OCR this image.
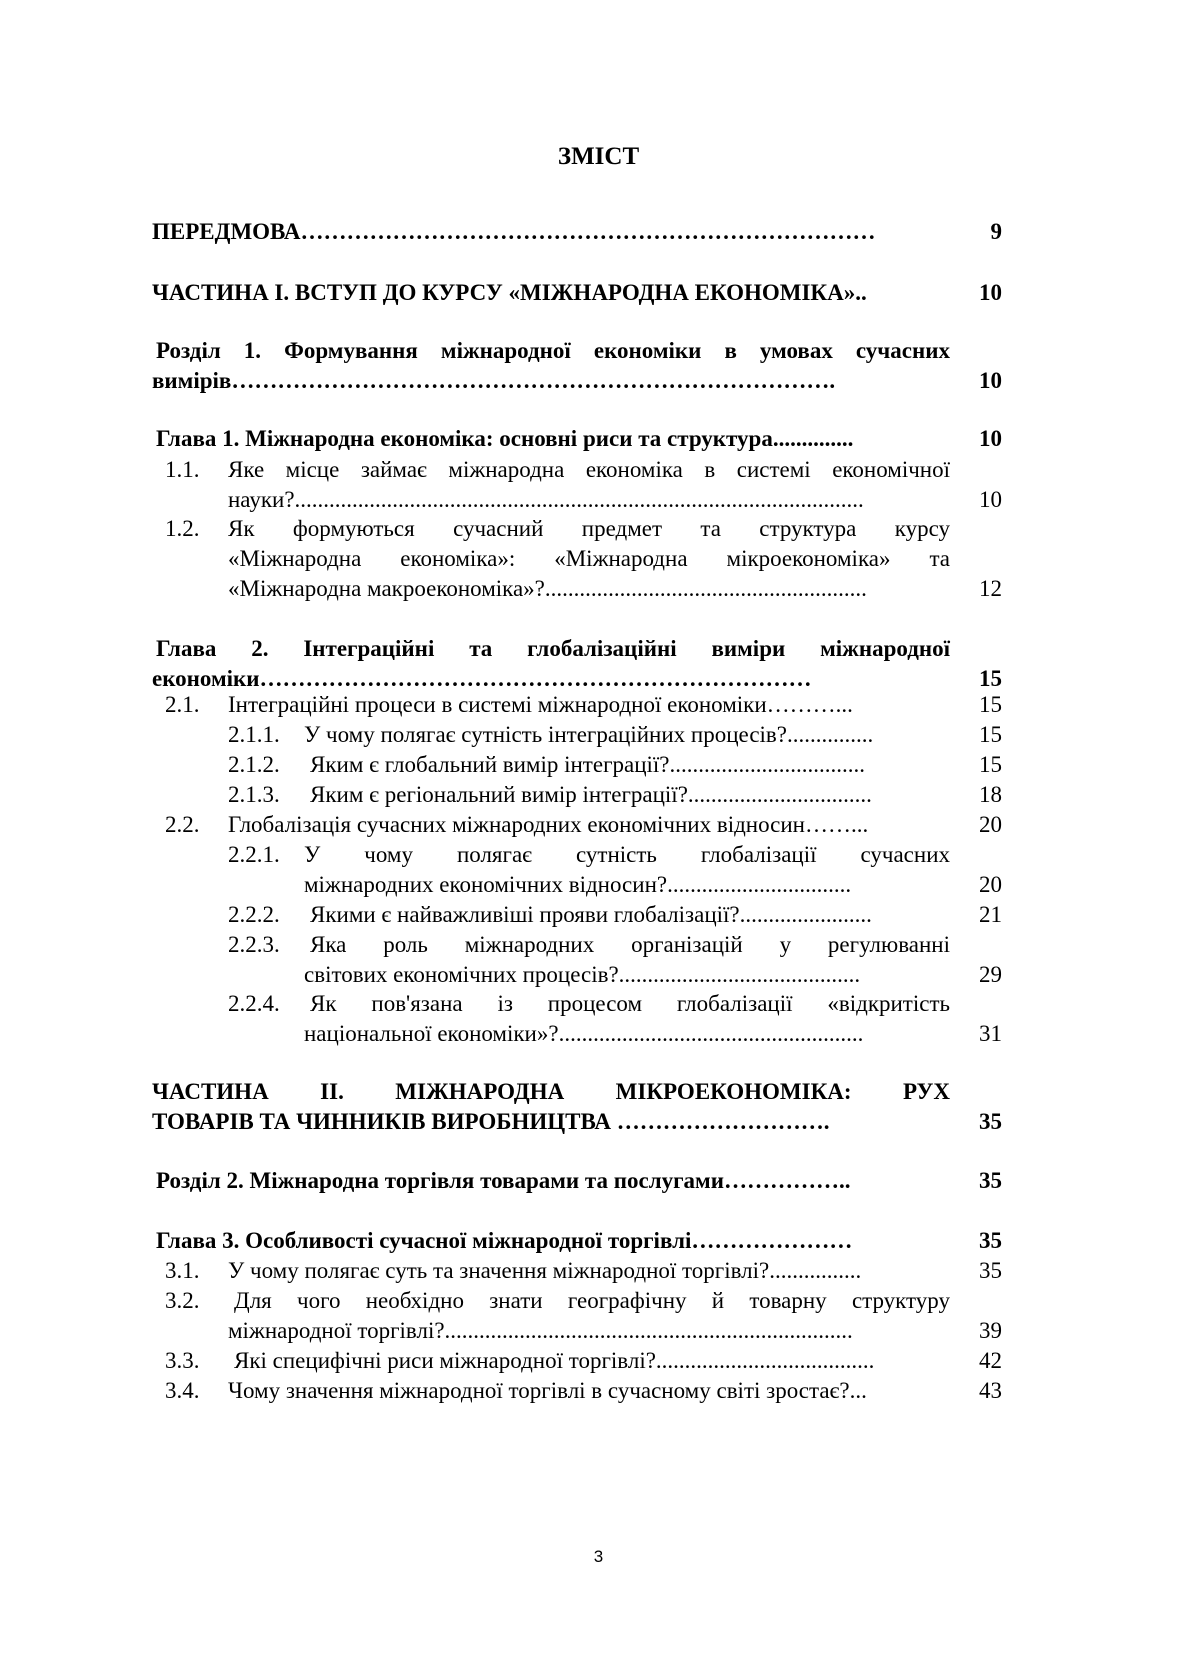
ЗМІСТ
ПЕРЕДМОВА…………………………………………………………………	9
ЧАСТИНА І. ВСТУП ДО КУРСУ «МІЖНАРОДНА ЕКОНОМІКА»..	10
Розділ 1. Формування міжнародної економіки в умовах сучасних
вимірів…………………………………………………………………….	10
Глава 1. Міжнародна економіка: основні риси та структура..............	10
1.1. Яке місце займає міжнародна економіка в системі економічної
науки?...................................................................................................	10
1.2. Як формуються сучасний предмет та структура курсу
«Міжнародна економіка»: «Міжнародна мікроекономіка» та
«Міжнародна макроекономіка»?........................................................	12
Глава 2. Інтеграційні та глобалізаційні виміри міжнародної
економіки………………………………………………………………	15
2.1. Інтеграційні процеси в системі міжнародної економіки………...	15
2.1.1. У чому полягає сутність інтеграційних процесів?...............	15
2.1.2. Яким є глобальний вимір інтеграції?..................................	15
2.1.3. Яким є регіональний вимір інтеграції?................................	18
2.2. Глобалізація сучасних міжнародних економічних відносин……...	20
2.2.1. У чому полягає сутність глобалізації сучасних
міжнародних економічних відносин?................................	20
2.2.2. Якими є найважливіші прояви глобалізації?.......................	21
2.2.3. Яка роль міжнародних організацій у регулюванні
світових економічних процесів?..........................................	29
2.2.4. Як пов'язана із процесом глобалізації «відкритість
національної економіки»?.....................................................	31
ЧАСТИНА ІІ. МІЖНАРОДНА МІКРОЕКОНОМІКА: РУХ
ТОВАРІВ ТА ЧИННИКІВ ВИРОБНИЦТВА ……………………….	35
Розділ 2. Міжнародна торгівля товарами та послугами……………..	35
Глава 3. Особливості сучасної міжнародної торгівлі…………………	35
3.1. У чому полягає суть та значення міжнародної торгівлі?................	35
3.2. Для чого необхідно знати географічну й товарну структуру
міжнародної торгівлі?.......................................................................	39
3.3. Які специфічні риси міжнародної торгівлі?......................................	42
3.4. Чому значення міжнародної торгівлі в сучасному світі зростає?...	43
3
